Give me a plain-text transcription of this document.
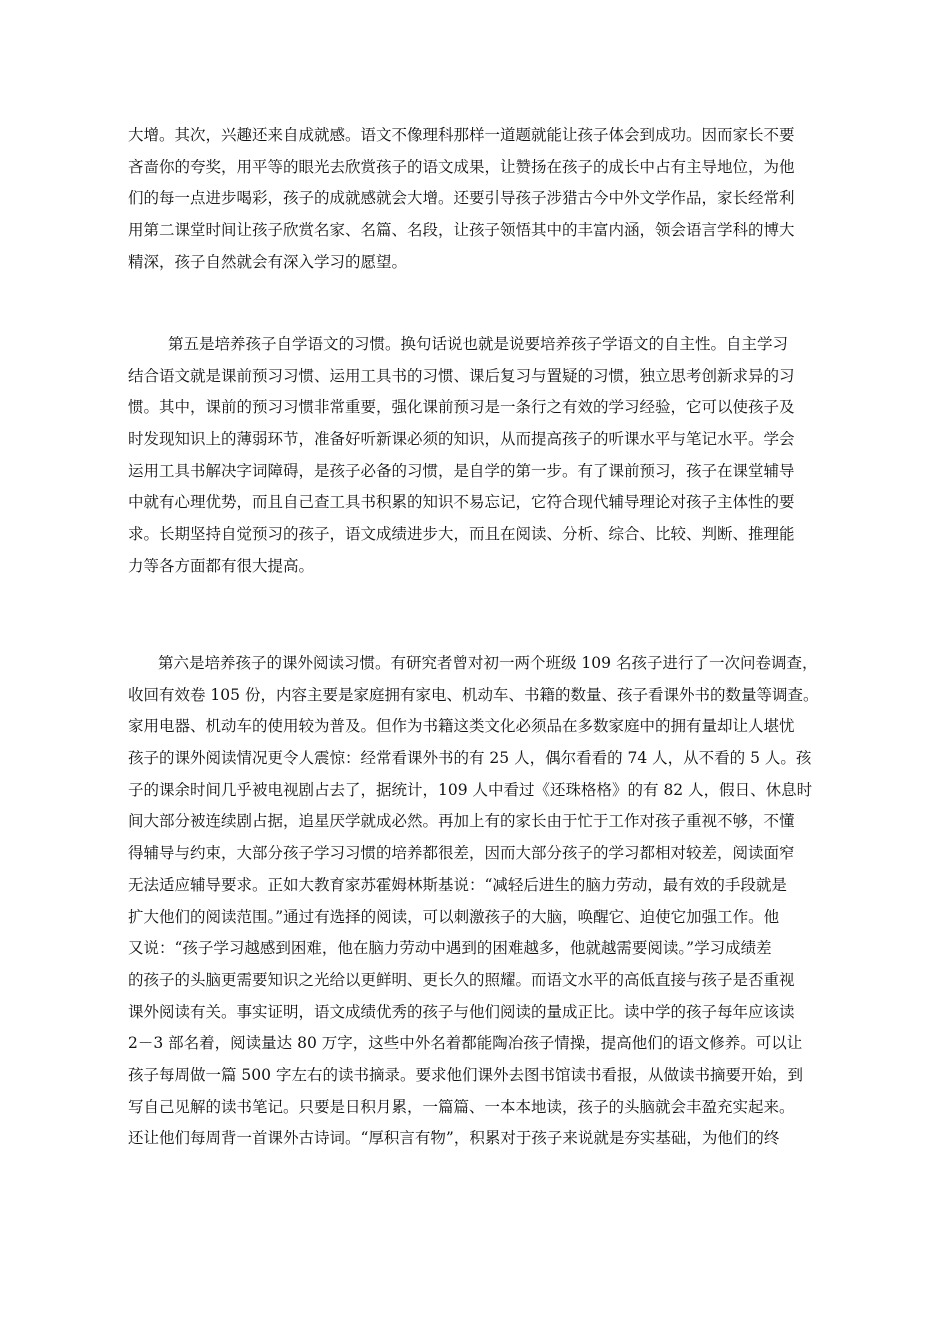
大增。其次，兴趣还来自成就感。语文不像理科那样一道题就能让孩子体会到成功。因而家长不要
吝啬你的夸奖，用平等的眼光去欣赏孩子的语文成果，让赞扬在孩子的成长中占有主导地位，为他
们的每一点进步喝彩，孩子的成就感就会大增。还要引导孩子涉猎古今中外文学作品，家长经常利
用第二课堂时间让孩子欣赏名家、名篇、名段，让孩子领悟其中的丰富内涵，领会语言学科的博大
精深，孩子自然就会有深入学习的愿望。
第五是培养孩子自学语文的习惯。换句话说也就是说要培养孩子学语文的自主性。自主学习
结合语文就是课前预习习惯、运用工具书的习惯、课后复习与置疑的习惯，独立思考创新求异的习
惯。其中，课前的预习习惯非常重要，强化课前预习是一条行之有效的学习经验，它可以使孩子及
时发现知识上的薄弱环节，准备好听新课必须的知识，从而提高孩子的听课水平与笔记水平。学会
运用工具书解决字词障碍，是孩子必备的习惯，是自学的第一步。有了课前预习，孩子在课堂辅导
中就有心理优势，而且自己查工具书积累的知识不易忘记，它符合现代辅导理论对孩子主体性的要
求。长期坚持自觉预习的孩子，语文成绩进步大，而且在阅读、分析、综合、比较、判断、推理能
力等各方面都有很大提高。
第六是培养孩子的课外阅读习惯。有研究者曾对初一两个班级 109 名孩子进行了一次问卷调查，
收回有效卷 105 份，内容主要是家庭拥有家电、机动车、书籍的数量、孩子看课外书的数量等调查。
家用电器、机动车的使用较为普及。但作为书籍这类文化必须品在多数家庭中的拥有量却让人堪忧
孩子的课外阅读情况更令人震惊：经常看课外书的有 25 人，偶尔看看的 74 人，从不看的 5 人。孩
子的课余时间几乎被电视剧占去了，据统计，109 人中看过《还珠格格》的有 82 人，假日、休息时
间大部分被连续剧占据，追星厌学就成必然。再加上有的家长由于忙于工作对孩子重视不够，不懂
得辅导与约束，大部分孩子学习习惯的培养都很差，因而大部分孩子的学习都相对较差，阅读面窄
无法适应辅导要求。正如大教育家苏霍姆林斯基说：“减轻后进生的脑力劳动，最有效的手段就是
扩大他们的阅读范围。”通过有选择的阅读，可以刺激孩子的大脑，唤醒它、迫使它加强工作。他
又说：“孩子学习越感到困难，他在脑力劳动中遇到的困难越多，他就越需要阅读。”学习成绩差
的孩子的头脑更需要知识之光给以更鲜明、更长久的照耀。而语文水平的高低直接与孩子是否重视
课外阅读有关。事实证明，语文成绩优秀的孩子与他们阅读的量成正比。读中学的孩子每年应该读
2－3 部名着，阅读量达 80 万字，这些中外名着都能陶冶孩子情操，提高他们的语文修养。可以让
孩子每周做一篇 500 字左右的读书摘录。要求他们课外去图书馆读书看报，从做读书摘要开始，到
写自己见解的读书笔记。只要是日积月累，一篇篇、一本本地读，孩子的头脑就会丰盈充实起来。
还让他们每周背一首课外古诗词。“厚积言有物”，积累对于孩子来说就是夯实基础，为他们的终
